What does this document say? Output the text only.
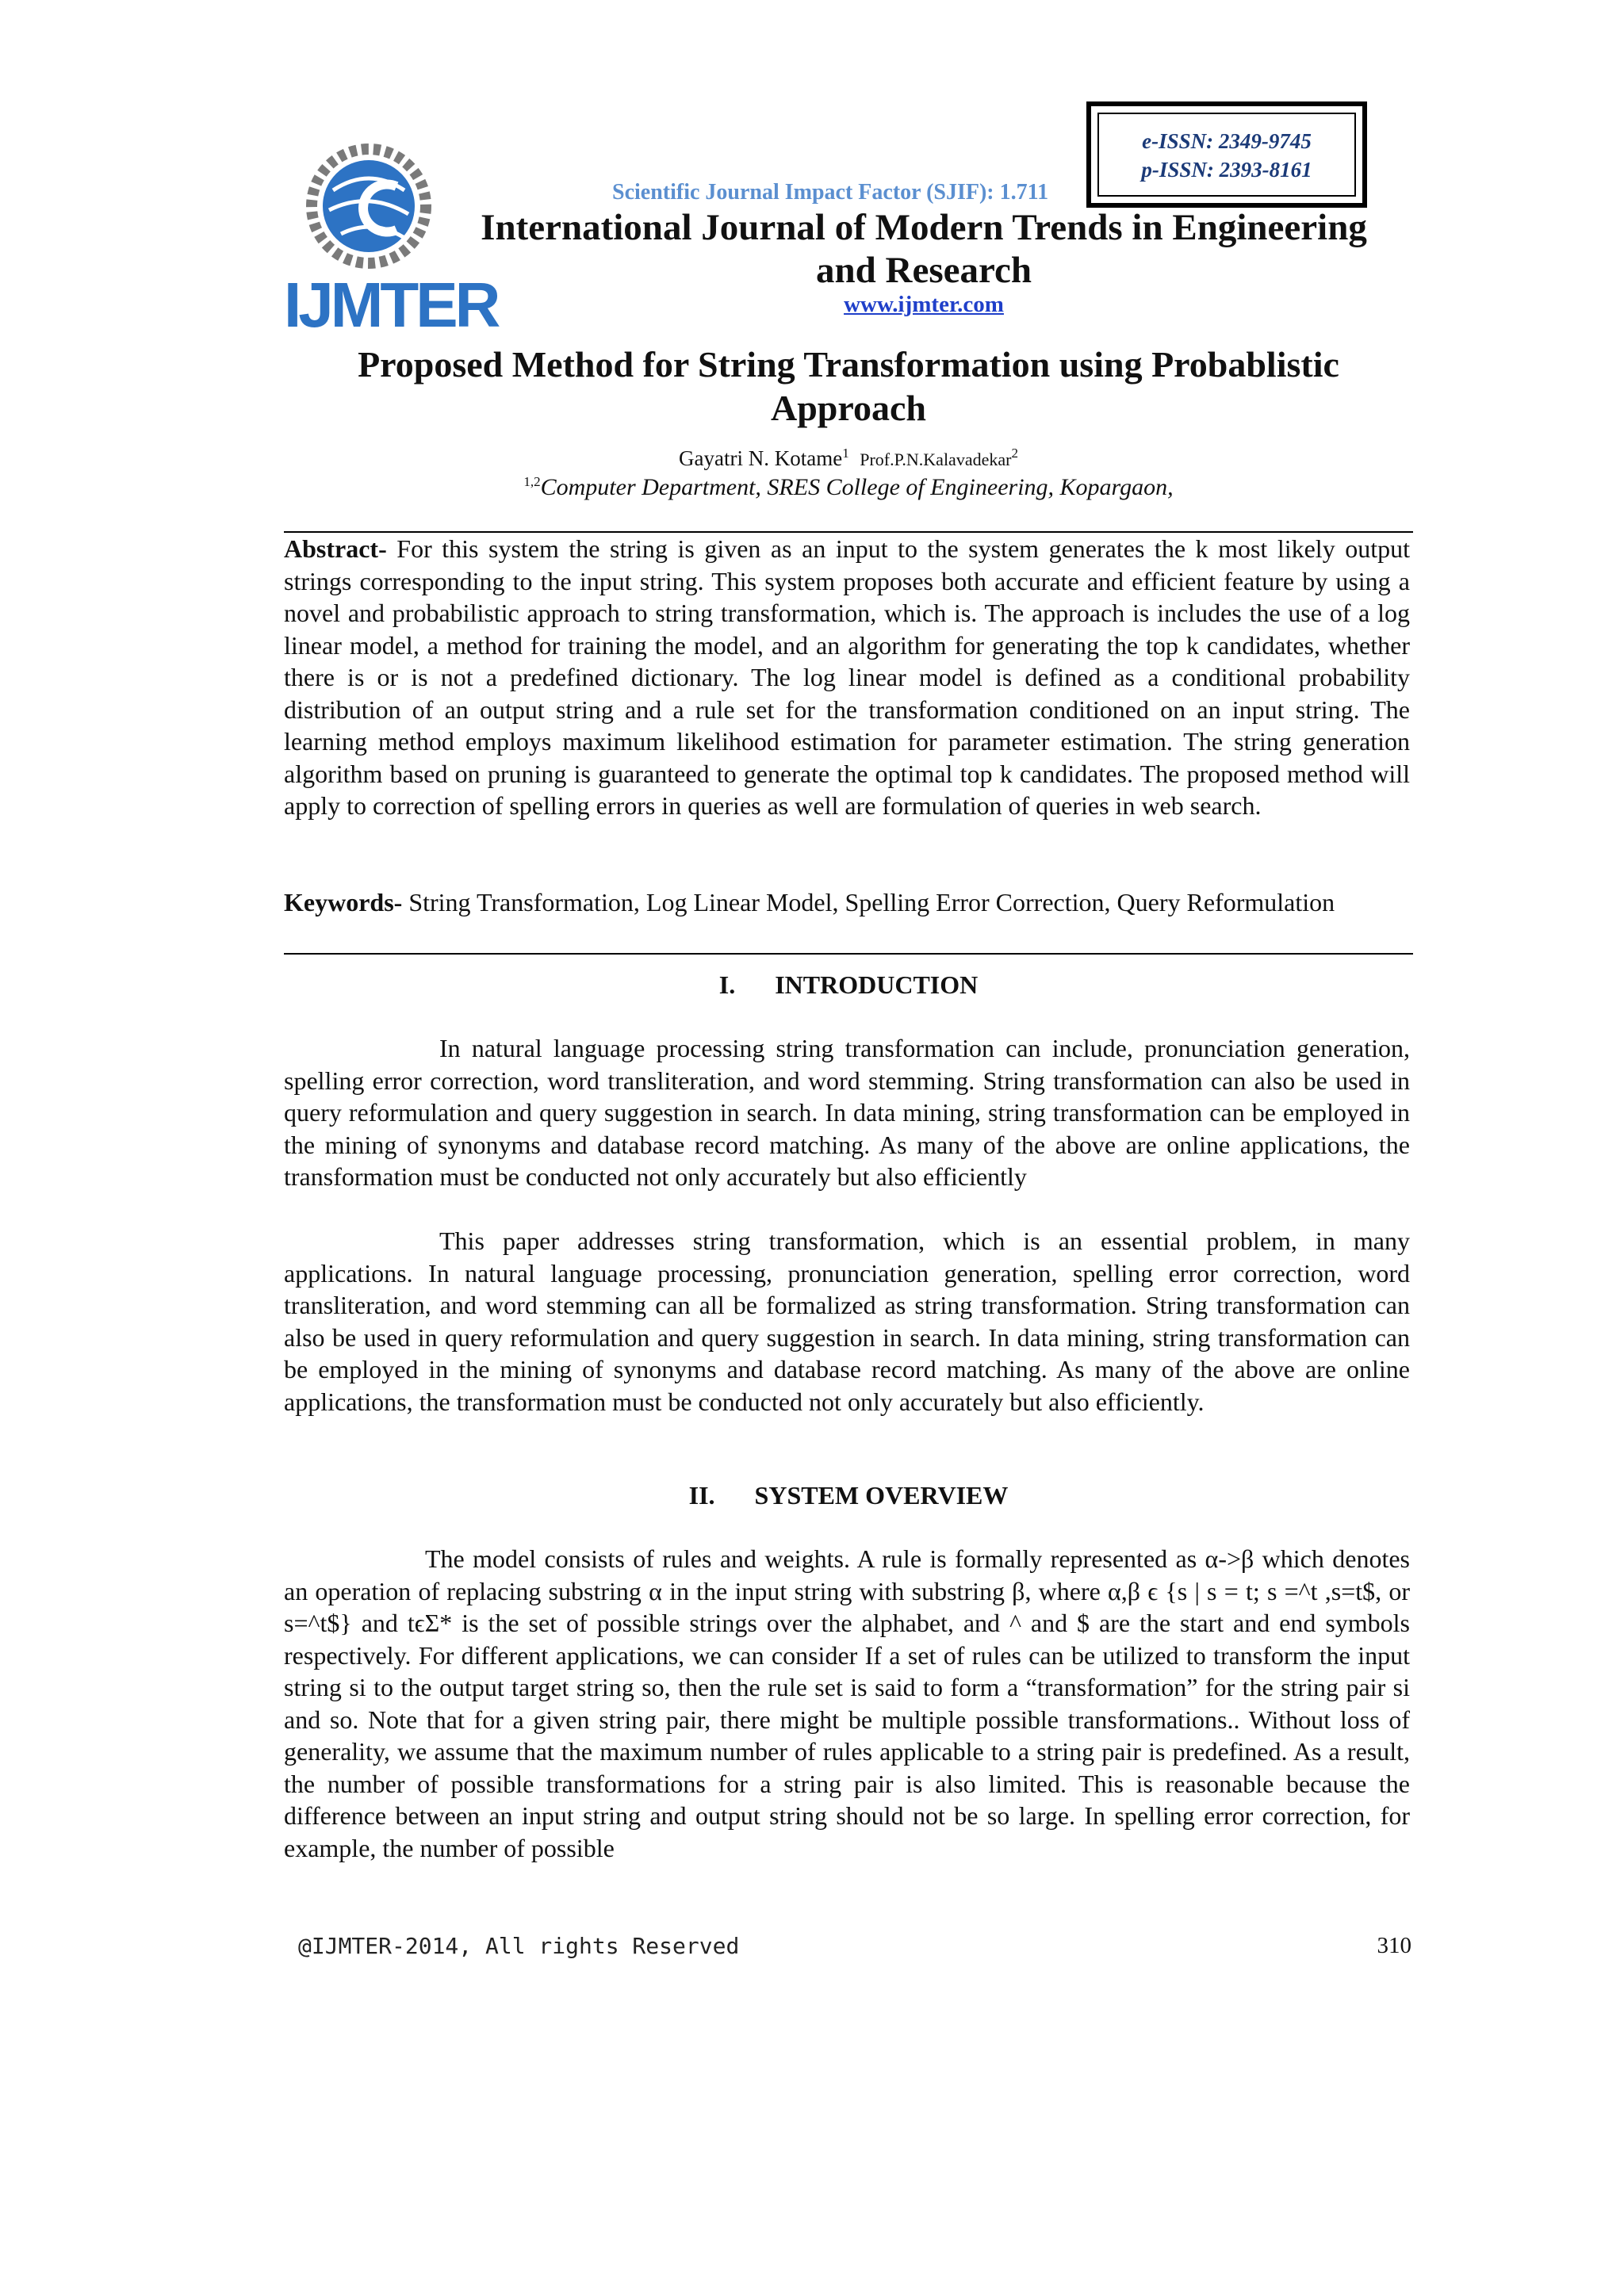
e-ISSN: 2349-9745
p-ISSN: 2393-8161
IJMTER
Scientific Journal Impact Factor (SJIF): 1.711
International Journal of Modern Trends in Engineering
and Research
www.ijmter.com
Proposed Method for String Transformation using Probablistic
Approach
Gayatri N. Kotame$^1$ Prof.P.N.Kalavadekar$^2$
$^{1,2}$Computer Department, SRES College of Engineering, Kopargaon,

Abstract- For this system the string is given as an input to the system generates the k most likely output strings corresponding to the input string. This system proposes both accurate and efficient feature by using a novel and probabilistic approach to string transformation, which is. The approach is includes the use of a log linear model, a method for training the model, and an algorithm for generating the top k candidates, whether there is or is not a predefined dictionary. The log linear model is defined as a conditional probability distribution of an output string and a rule set for the transformation conditioned on an input string. The learning method employs maximum likelihood estimation for parameter estimation. The string generation algorithm based on pruning is guaranteed to generate the optimal top k candidates. The proposed method will apply to correction of spelling errors in queries as well are formulation of queries in web search.

Keywords- String Transformation, Log Linear Model, Spelling Error Correction, Query Reformulation

I. INTRODUCTION

In natural language processing string transformation can include, pronunciation generation, spelling error correction, word transliteration, and word stemming. String transformation can also be used in query reformulation and query suggestion in search. In data mining, string transformation can be employed in the mining of synonyms and database record matching. As many of the above are online applications, the transformation must be conducted not only accurately but also efficiently

This paper addresses string transformation, which is an essential problem, in many applications. In natural language processing, pronunciation generation, spelling error correction, word transliteration, and word stemming can all be formalized as string transformation. String transformation can also be used in query reformulation and query suggestion in search. In data mining, string transformation can be employed in the mining of synonyms and database record matching. As many of the above are online applications, the transformation must be conducted not only accurately but also efficiently.

II. SYSTEM OVERVIEW

The model consists of rules and weights. A rule is formally represented as α->β which denotes an operation of replacing substring α in the input string with substring β, where α,β ϵ {s | s = t; s =^t ,s=t$, or s=^t$} and tϵΣ* is the set of possible strings over the alphabet, and ^ and $ are the start and end symbols respectively. For different applications, we can consider If a set of rules can be utilized to transform the input string si to the output target string so, then the rule set is said to form a “transformation” for the string pair si and so. Note that for a given string pair, there might be multiple possible transformations.. Without loss of generality, we assume that the maximum number of rules applicable to a string pair is predefined. As a result, the number of possible transformations for a string pair is also limited. This is reasonable because the difference between an input string and output string should not be so large. In spelling error correction, for example, the number of possible

@IJMTER-2014, All rights Reserved	310
